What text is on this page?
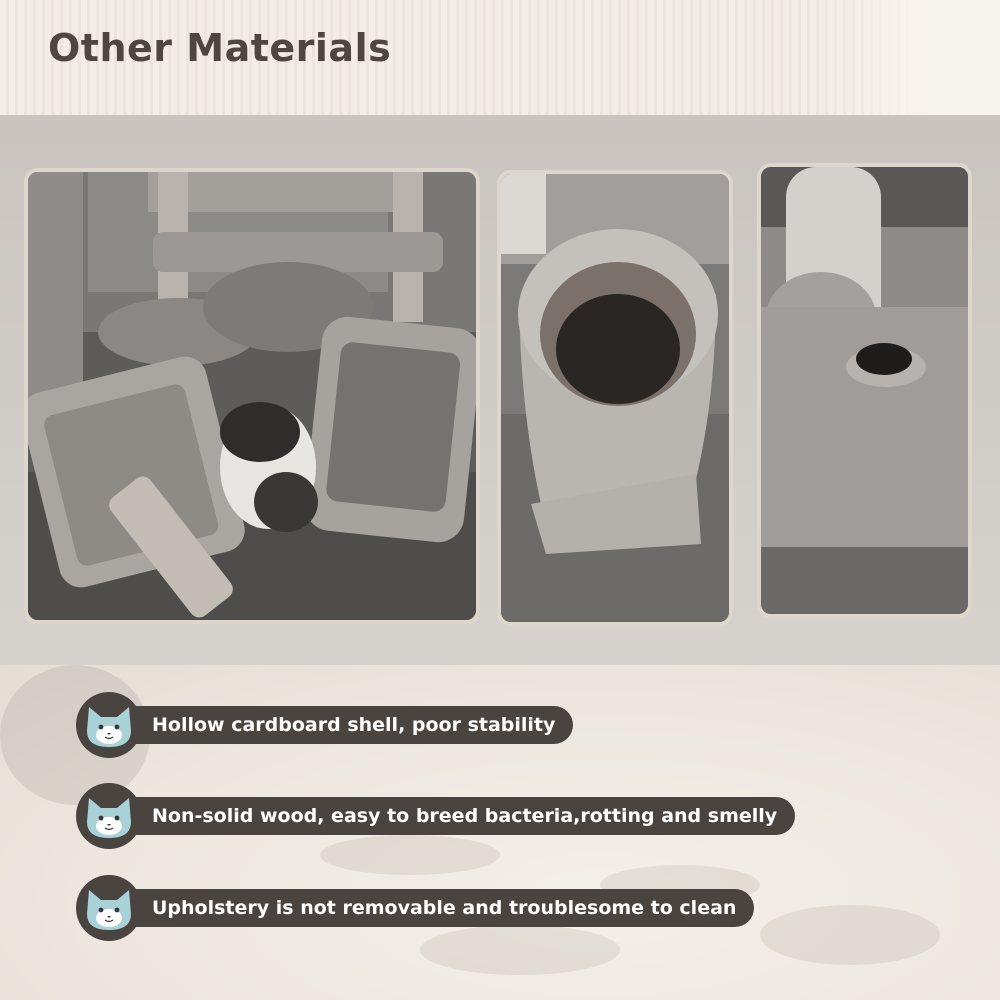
Other Materials
Hollow cardboard shell, poor stability
Non-solid wood, easy to breed bacteria,rotting and smelly
Upholstery is not removable and troublesome to clean
